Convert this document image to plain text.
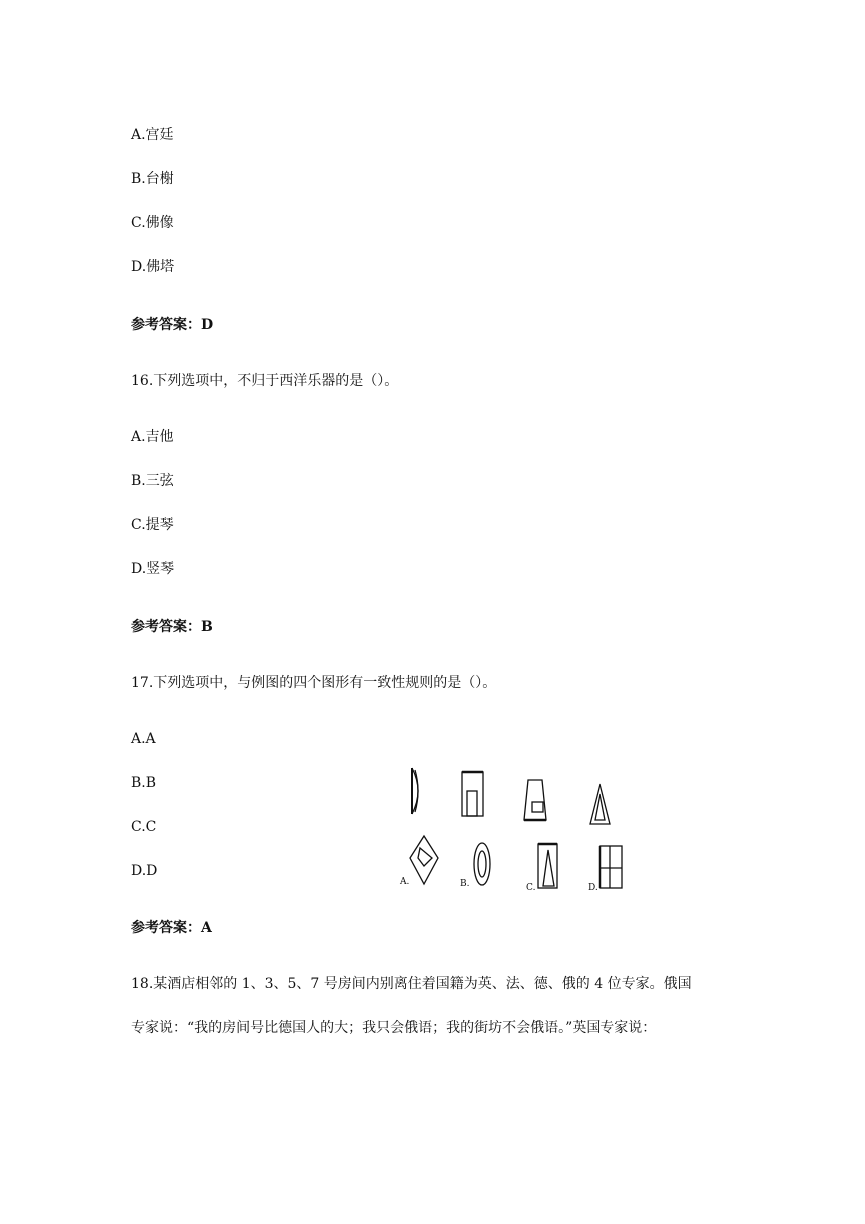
A.宫廷
B.台榭
C.佛像
D.佛塔
参考答案：D
16.下列选项中，不归于西洋乐器的是（）。
A.吉他
B.三弦
C.提琴
D.竖琴
参考答案：B
17.下列选项中，与例图的四个图形有一致性规则的是（）。
A.A
B.B
C.C
D.D
A.	B.	C.	D.
参考答案：A
18.某酒店相邻的 1、3、5、7 号房间内别离住着国籍为英、法、德、俄的 4 位专家。俄国
专家说：“我的房间号比德国人的大；我只会俄语；我的街坊不会俄语。”英国专家说：
